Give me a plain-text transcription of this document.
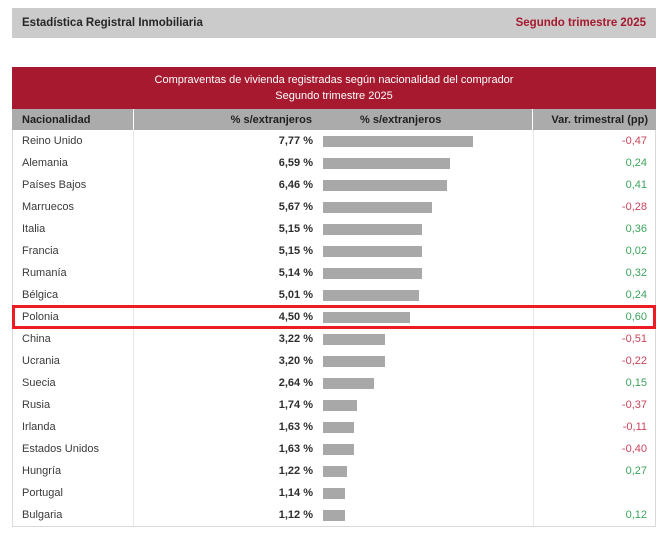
Estadística Registral Inmobiliaria	Segundo trimestre 2025
Compraventas de vivienda registradas según nacionalidad del comprador
Segundo trimestre 2025
Nacionalidad	% s/extranjeros	% s/extranjeros	Var. trimestral (pp)
Reino Unido	7,77 %	-0,47
Alemania	6,59 %	0,24
Países Bajos	6,46 %	0,41
Marruecos	5,67 %	-0,28
Italia	5,15 %	0,36
Francia	5,15 %	0,02
Rumanía	5,14 %	0,32
Bélgica	5,01 %	0,24
Polonia	4,50 %	0,60
China	3,22 %	-0,51
Ucrania	3,20 %	-0,22
Suecia	2,64 %	0,15
Rusia	1,74 %	-0,37
Irlanda	1,63 %	-0,11
Estados Unidos	1,63 %	-0,40
Hungría	1,22 %	0,27
Portugal	1,14 %
Bulgaria	1,12 %	0,12
